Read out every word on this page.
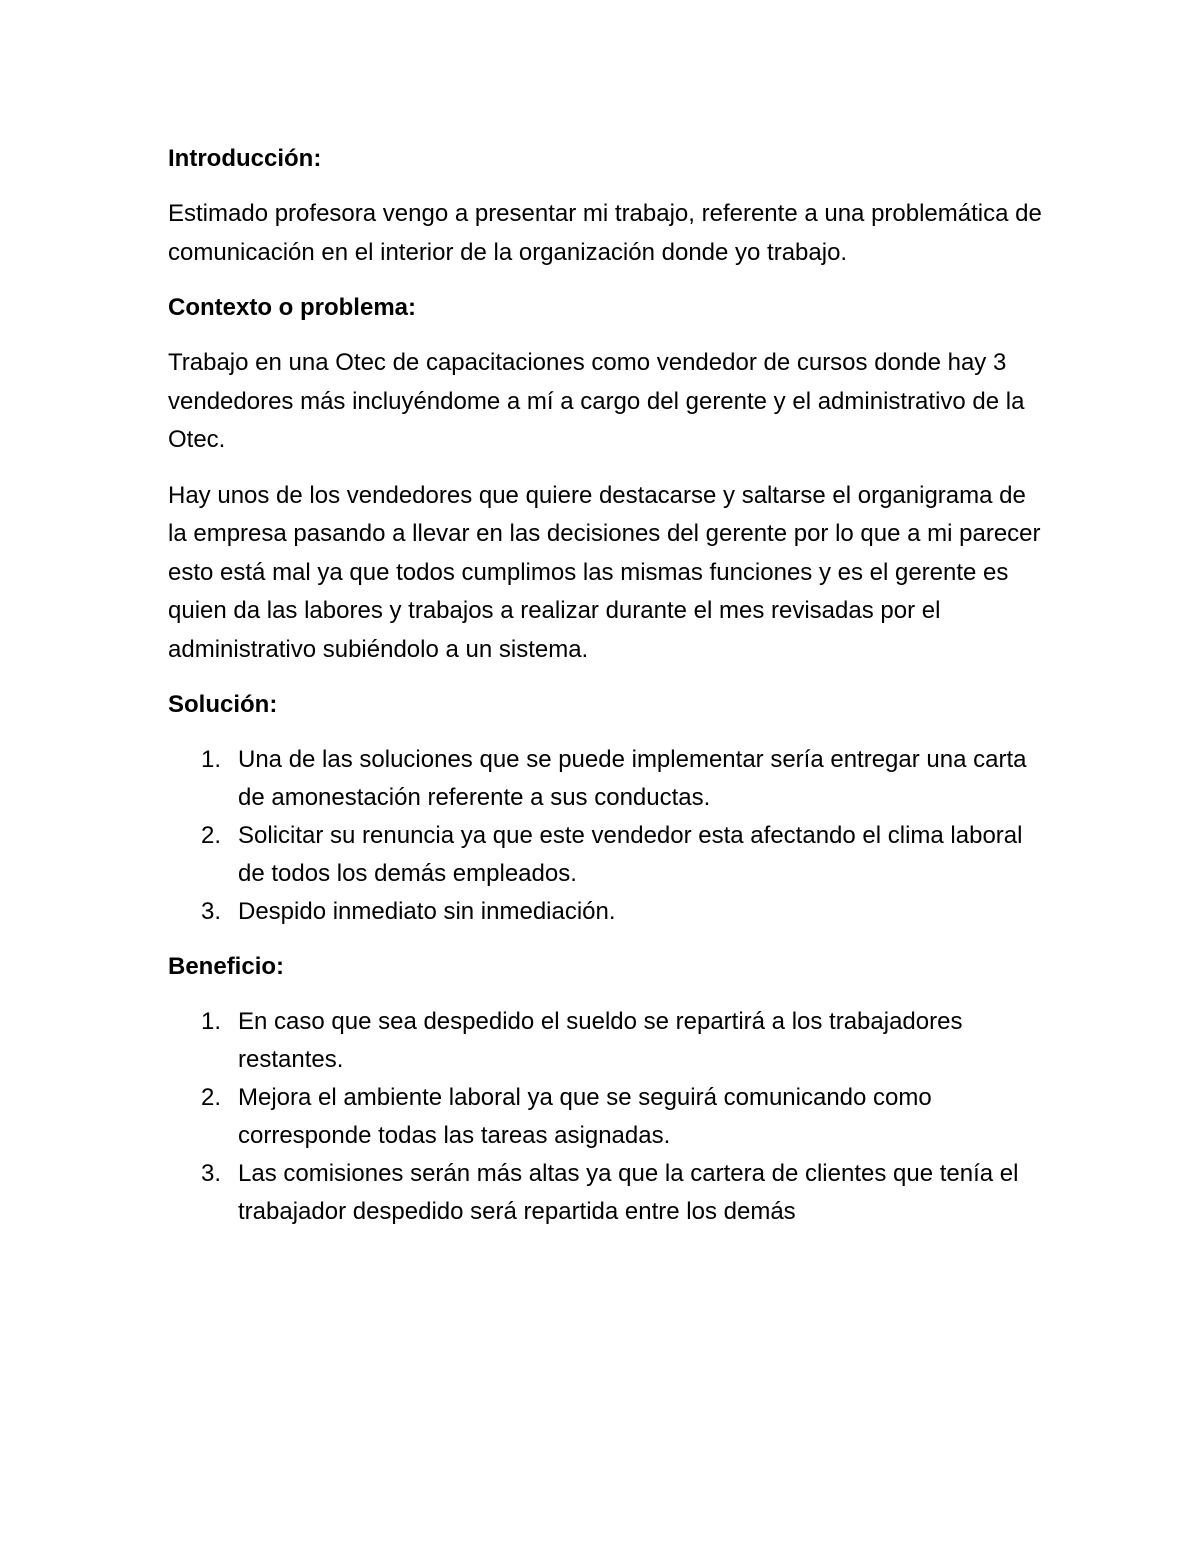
Introducción:
Estimado profesora vengo a presentar mi trabajo, referente a una problemática de comunicación en el interior de la organización donde yo trabajo.
Contexto o problema:
Trabajo en una Otec de capacitaciones como vendedor de cursos donde hay 3 vendedores más incluyéndome a mí a cargo del gerente y el administrativo de la Otec.
Hay unos de los vendedores que quiere destacarse y saltarse el organigrama de la empresa pasando a llevar en las decisiones del gerente por lo que a mi parecer esto está mal ya que todos cumplimos las mismas funciones y es el gerente es quien da las labores y trabajos a realizar durante el mes revisadas por el administrativo subiéndolo a un sistema.
Solución:
1. Una de las soluciones que se puede implementar sería entregar una carta de amonestación referente a sus conductas.
2. Solicitar su renuncia ya que este vendedor esta afectando el clima laboral de todos los demás empleados.
3. Despido inmediato sin inmediación.
Beneficio:
1. En caso que sea despedido el sueldo se repartirá a los trabajadores restantes.
2. Mejora el ambiente laboral ya que se seguirá comunicando como corresponde todas las tareas asignadas.
3. Las comisiones serán más altas ya que la cartera de clientes que tenía el trabajador despedido será repartida entre los demás
